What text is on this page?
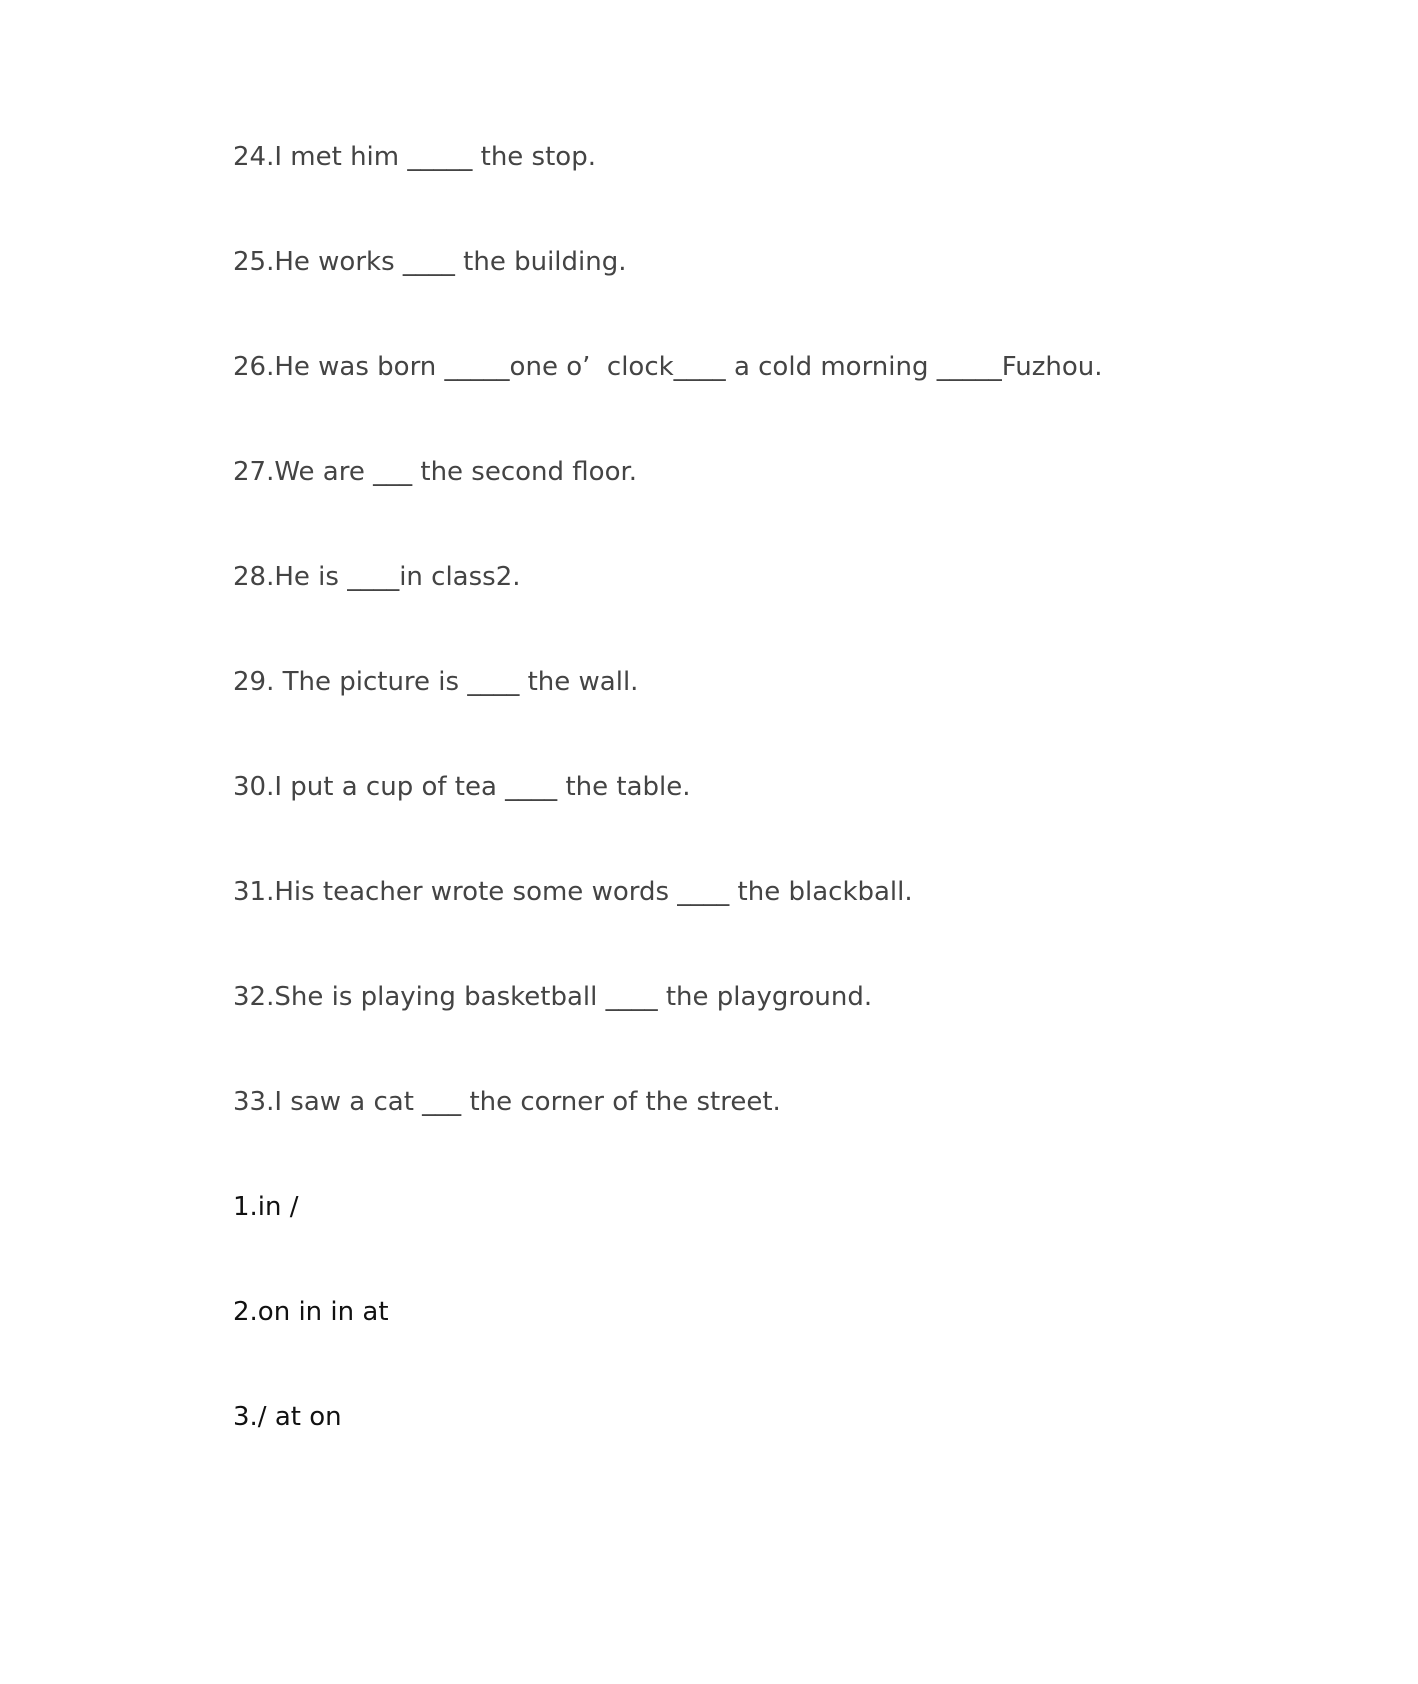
24.I met him _____ the stop.

25.He works ____ the building.

26.He was born _____one o’  clock____ a cold morning _____Fuzhou.

27.We are ___ the second floor.

28.He is ____in class2.

29. The picture is ____ the wall.

30.I put a cup of tea ____ the table.

31.His teacher wrote some words ____ the blackball.

32.She is playing basketball ____ the playground.

33.I saw a cat ___ the corner of the street.

1.in /

2.on in in at

3./ at on
